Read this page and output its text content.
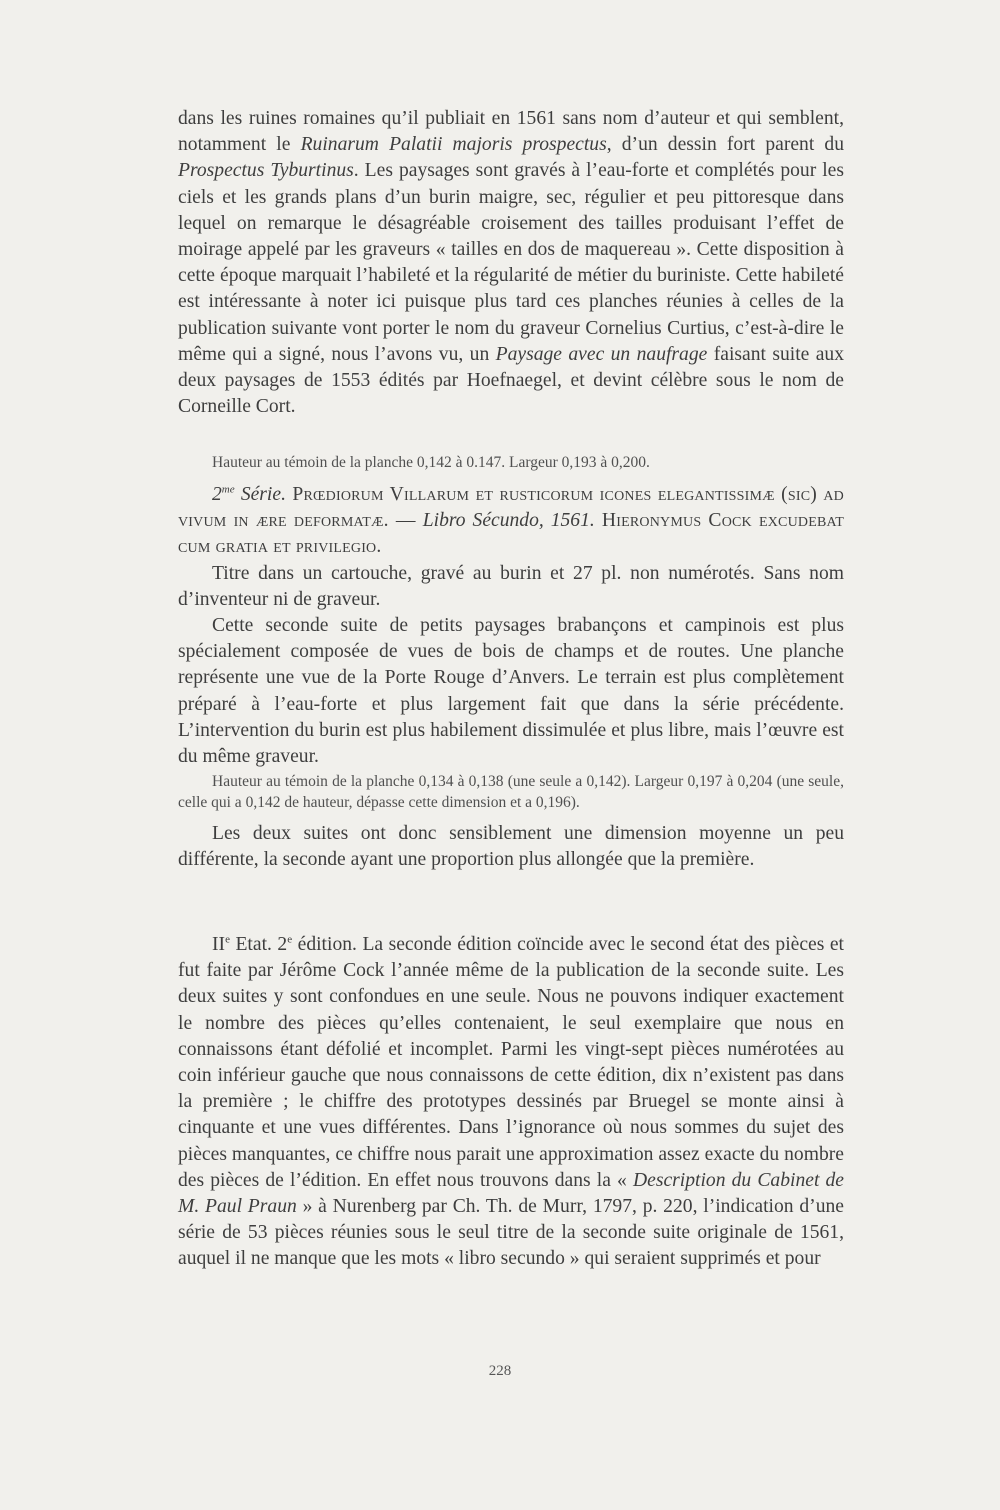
dans les ruines romaines qu’il publiait en 1561 sans nom d’auteur et qui semblent, notamment le Ruinarum Palatii majoris prospectus, d’un dessin fort parent du Prospectus Tyburtinus. Les paysages sont gravés à l’eau-forte et complétés pour les ciels et les grands plans d’un burin maigre, sec, régulier et peu pittoresque dans lequel on remarque le désagréable croisement des tailles produisant l’effet de moirage appelé par les graveurs « tailles en dos de maquereau ». Cette disposition à cette époque marquait l’habileté et la régularité de métier du buriniste. Cette habileté est intéressante à noter ici puisque plus tard ces planches réunies à celles de la publication suivante vont porter le nom du graveur Cornelius Curtius, c’est-à-dire le même qui a signé, nous l’avons vu, un Paysage avec un naufrage faisant suite aux deux paysages de 1553 édités par Hoefnaegel, et devint célèbre sous le nom de Corneille Cort.

Hauteur au témoin de la planche 0,142 à 0.147. Largeur 0,193 à 0,200.

$2^{me}$ Série. Prœdiorum Villarum et rusticorum icones elegantissimæ (sic) ad vivum in ære deformatæ. — Libro Sécundo, 1561. Hieronymus Cock excudebat cum gratia et privilegio.

Titre dans un cartouche, gravé au burin et 27 pl. non numérotés. Sans nom d’inventeur ni de graveur.

Cette seconde suite de petits paysages brabançons et campinois est plus spécialement composée de vues de bois de champs et de routes. Une planche représente une vue de la Porte Rouge d’Anvers. Le terrain est plus complètement préparé à l’eau-forte et plus largement fait que dans la série précédente. L’intervention du burin est plus habilement dissimulée et plus libre, mais l’œuvre est du même graveur.

Hauteur au témoin de la planche 0,134 à 0,138 (une seule a 0,142). Largeur 0,197 à 0,204 (une seule, celle qui a 0,142 de hauteur, dépasse cette dimension et a 0,196).

Les deux suites ont donc sensiblement une dimension moyenne un peu différente, la seconde ayant une proportion plus allongée que la première.

IIe Etat. 2e édition. La seconde édition coïncide avec le second état des pièces et fut faite par Jérôme Cock l’année même de la publication de la seconde suite. Les deux suites y sont confondues en une seule. Nous ne pouvons indiquer exactement le nombre des pièces qu’elles contenaient, le seul exemplaire que nous en connaissons étant défolié et incomplet. Parmi les vingt-sept pièces numérotées au coin inférieur gauche que nous connaissons de cette édition, dix n’existent pas dans la première ; le chiffre des prototypes dessinés par Bruegel se monte ainsi à cinquante et une vues différentes. Dans l’ignorance où nous sommes du sujet des pièces manquantes, ce chiffre nous parait une approximation assez exacte du nombre des pièces de l’édition. En effet nous trouvons dans la « Description du Cabinet de M. Paul Praun » à Nurenberg par Ch. Th. de Murr, 1797, p. 220, l’indication d’une série de 53 pièces réunies sous le seul titre de la seconde suite originale de 1561, auquel il ne manque que les mots « libro secundo » qui seraient supprimés et pour

228
